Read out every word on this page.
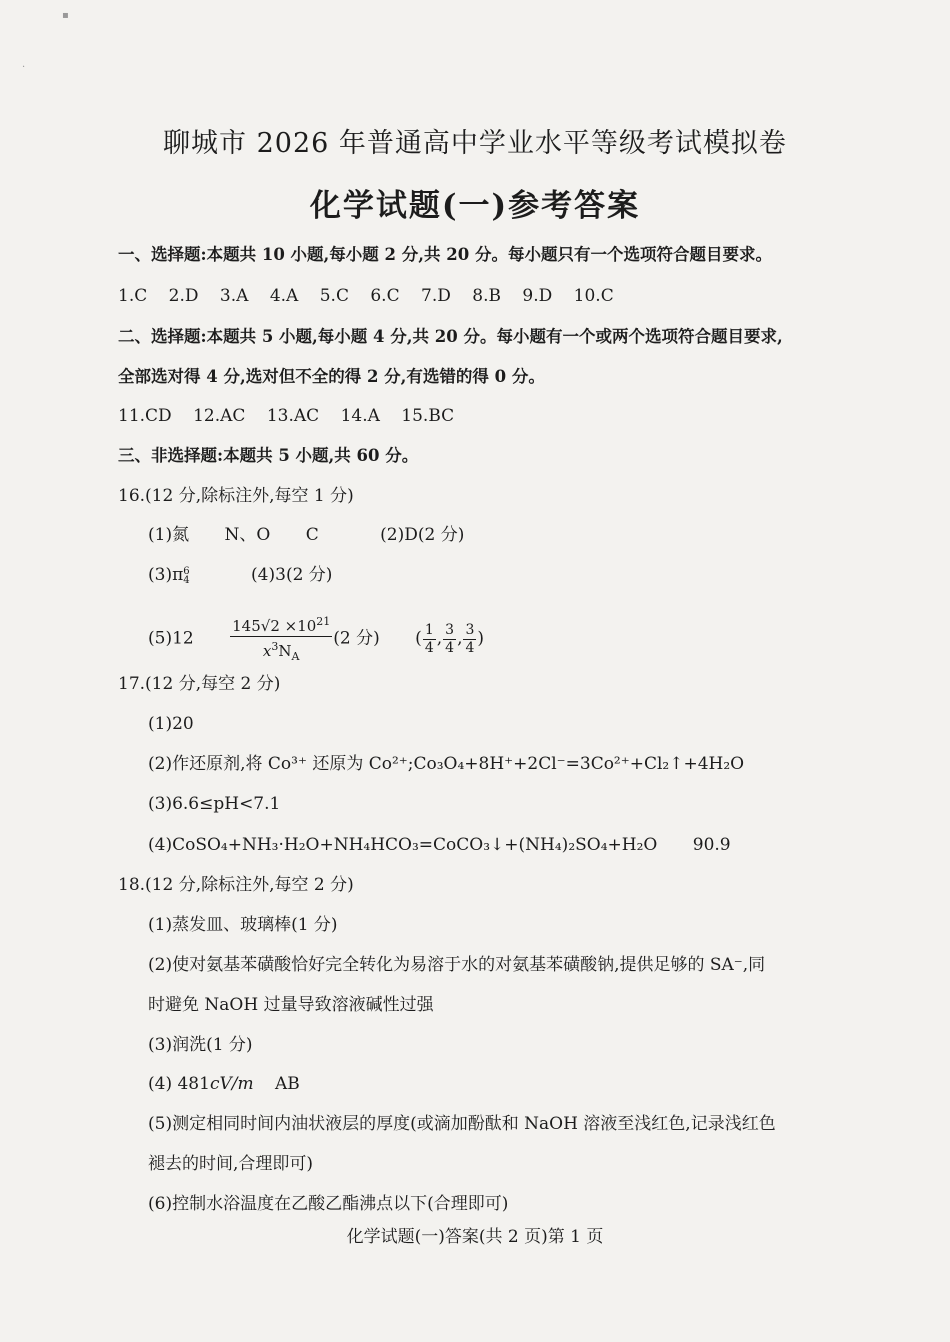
聊城市 2026 年普通高中学业水平等级考试模拟卷
化学试题(一)参考答案
一、选择题:本题共 10 小题,每小题 2 分,共 20 分。每小题只有一个选项符合题目要求。
1.C 2.D 3.A 4.A 5.C 6.C 7.D 8.B 9.D 10.C
二、选择题:本题共 5 小题,每小题 4 分,共 20 分。每小题有一个或两个选项符合题目要求,
全部选对得 4 分,选对但不全的得 2 分,有选错的得 0 分。
11.CD 12.AC 13.AC 14.A 15.BC
三、非选择题:本题共 5 小题,共 60 分。
16.(12 分,除标注外,每空 1 分)
(1)氮 N、O C	(2)D(2 分)
(3)π 6
4	(4)3(2 分)
$(5)12 \frac{145√2 \times 10^{21}}{x^3N_A} (2$ 分) ( $\frac{1}{4}$ , $\frac{3}{4}$ , $\frac{3}{4}$ )
17.(12 分,每空 2 分)
(1)20
(2)作还原剂,将 Co³⁺ 还原为 Co²⁺;Co₃O₄+8H⁺+2Cl⁻=3Co²⁺+Cl₂↑+4H₂O
(3)6.6≤pH<7.1
(4)CoSO₄+NH₃·H₂O+NH₄HCO₃=CoCO₃↓+(NH₄)₂SO₄+H₂O 90.9
18.(12 分,除标注外,每空 2 分)
(1)蒸发皿、玻璃棒(1 分)
(2)使对氨基苯磺酸恰好完全转化为易溶于水的对氨基苯磺酸钠,提供足够的 SA⁻,同
时避免 NaOH 过量导致溶液碱性过强
(3)润洗(1 分)
(4) 481cV/m AB
(5)测定相同时间内油状液层的厚度(或滴加酚酞和 NaOH 溶液至浅红色,记录浅红色
褪去的时间,合理即可)
(6)控制水浴温度在乙酸乙酯沸点以下(合理即可)
化学试题(一)答案(共 2 页)第 1 页
▪
·
